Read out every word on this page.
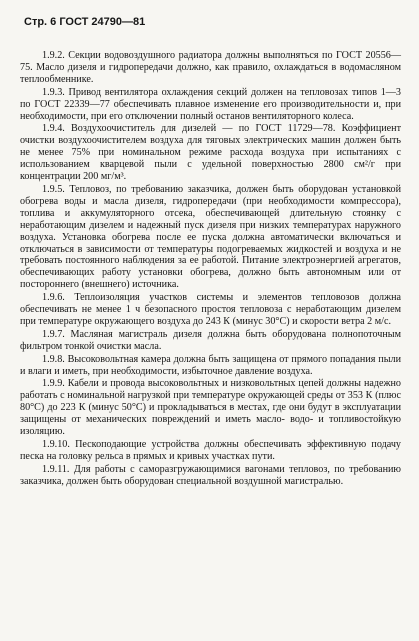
Стр. 6 ГОСТ 24790—81

1.9.2. Секции водовоздушного радиатора должны выполняться по ГОСТ 20556—75. Масло дизеля и гидропередачи должно, как правило, охлаждаться в водомасляном теплообменнике.

1.9.3. Привод вентилятора охлаждения секций должен на тепловозах типов 1—3 по ГОСТ 22339—77 обеспечивать плавное изменение его производительности и, при необходимости, при его отключении полный останов вентиляторного колеса.

1.9.4. Воздухоочиститель для дизелей — по ГОСТ 11729—78. Коэффициент очистки воздухоочистителем воздуха для тяговых электрических машин должен быть не менее 75% при номинальном режиме расхода воздуха при испытаниях с использованием кварцевой пыли с удельной поверхностью 2800 см²/г при концентрации 200 мг/м³.

1.9.5. Тепловоз, по требованию заказчика, должен быть оборудован установкой обогрева воды и масла дизеля, гидропередачи (при необходимости компрессора), топлива и аккумуляторного отсека, обеспечивающей длительную стоянку с неработающим дизелем и надежный пуск дизеля при низких температурах наружного воздуха. Установка обогрева после ее пуска должна автоматически включаться и отключаться в зависимости от температуры подогреваемых жидкостей и воздуха и не требовать постоянного наблюдения за ее работой. Питание электроэнергией агрегатов, обеспечивающих работу установки обогрева, должно быть автономным или от постороннего (внешнего) источника.

1.9.6. Теплоизоляция участков системы и элементов тепловозов должна обеспечивать не менее 1 ч безопасного простоя тепловоза с неработающим дизелем при температуре окружающего воздуха до 243 К (минус 30°C) и скорости ветра 2 м/с.

1.9.7. Масляная магистраль дизеля должна быть оборудована полнопоточным фильтром тонкой очистки масла.

1.9.8. Высоковольтная камера должна быть защищена от прямого попадания пыли и влаги и иметь, при необходимости, избыточное давление воздуха.

1.9.9. Кабели и провода высоковольтных и низковольтных цепей должны надежно работать с номинальной нагрузкой при температуре окружающей среды от 353 К (плюс 80°C) до 223 К (минус 50°C) и прокладываться в местах, где они будут в эксплуатации защищены от механических повреждений и иметь масло- водо- и топливостойкую изоляцию.

1.9.10. Пескоподающие устройства должны обеспечивать эффективную подачу песка на головку рельса в прямых и кривых участках пути.

1.9.11. Для работы с саморазгружающимися вагонами тепловоз, по требованию заказчика, должен быть оборудован специальной воздушной магистралью.
